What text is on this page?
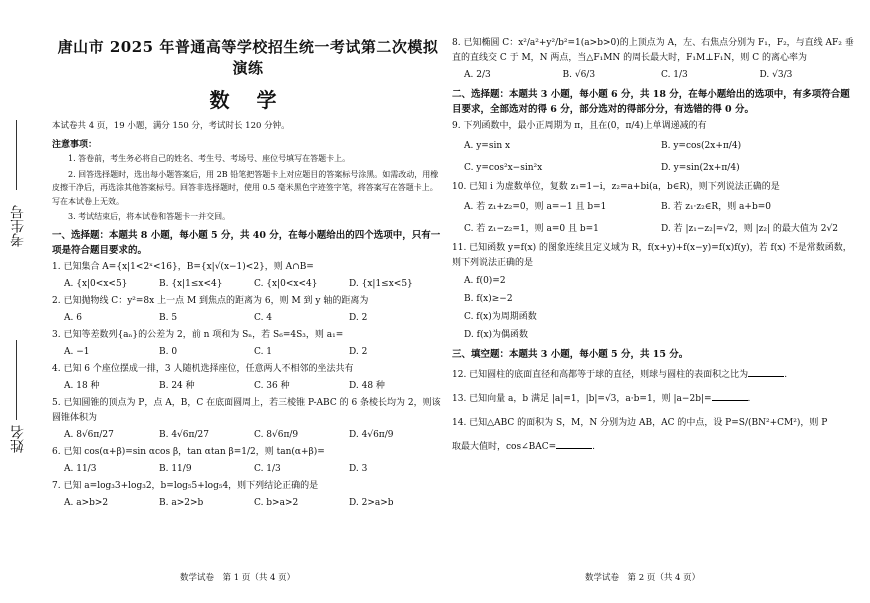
考生号
姓名
唐山市 2025 年普通高等学校招生统一考试第二次模拟演练
数 学
本试卷共 4 页，19 小题，满分 150 分，考试时长 120 分钟。
注意事项：
1. 答卷前，考生务必将自己的姓名、考生号、考场号、座位号填写在答题卡上。
2. 回答选择题时，选出每小题答案后，用 2B 铅笔把答题卡上对应题目的答案标号涂黑。如需改动，用橡皮擦干净后，再选涂其他答案标号。回答非选择题时，使用 0.5 毫米黑色字迹签字笔，将答案写在答题卡上。写在本试卷上无效。
3. 考试结束后，将本试卷和答题卡一并交回。
一、选择题：本题共 8 小题，每小题 5 分，共 40 分，在每小题给出的四个选项中，只有一项是符合题目要求的。
1. 已知集合 A={x|1<2ˣ<16}，B={x|√(x−1)<2}，则 A∩B=
A. {x|0<x<5}	B. {x|1≤x<4}	C. {x|0<x<4}	D. {x|1≤x<5}
2. 已知抛物线 C：y²=8x 上一点 M 到焦点的距离为 6，则 M 到 y 轴的距离为
A. 6	B. 5	C. 4	D. 2
3. 已知等差数列{aₙ}的公差为 2，前 n 项和为 Sₙ，若 S₆=4S₃，则 a₁=
A. −1	B. 0	C. 1	D. 2
4. 已知 6 个座位摆成一排，3 人随机选择座位，任意两人不相邻的坐法共有
A. 18 种	B. 24 种	C. 36 种	D. 48 种
5. 已知圆锥的顶点为 P，点 A，B，C 在底面圆周上，若三棱锥 P-ABC 的 6 条棱长均为 2，则该圆锥体积为
A. 8√6π/27	B. 4√6π/27	C. 8√6π/9	D. 4√6π/9
6. 已知 cos(α+β)=sin αcos β，tan αtan β=1/2，则 tan(α+β)=
A. 11/3	B. 11/9	C. 1/3	D. 3
7. 已知 a=log₃3+log₃2，b=log₅5+log₅4，则下列结论正确的是
A. a>b>2	B. a>2>b	C. b>a>2	D. 2>a>b
8. 已知椭圆 C：x²/a²+y²/b²=1(a>b>0)的上顶点为 A，左、右焦点分别为 F₁，F₂，与直线 AF₂ 垂直的直线交 C 于 M，N 两点，当△F₁MN 的周长最大时，F₁M⊥F₁N，则 C 的离心率为
A. 2/3	B. √6/3	C. 1/3	D. √3/3
二、选择题：本题共 3 小题，每小题 6 分，共 18 分，在每小题给出的选项中，有多项符合题目要求，全部选对的得 6 分，部分选对的得部分分，有选错的得 0 分。
9. 下列函数中，最小正周期为 π，且在(0，π/4)上单调递减的有
A. y=sin x	B. y=cos(2x+π/4)
C. y=cos²x−sin²x	D. y=sin(2x+π/4)
10. 已知 i 为虚数单位，复数 z₁=1−i，z₂=a+bi(a，b∈R)，则下列说法正确的是
A. 若 z₁+z₂=0，则 a=−1 且 b=1	B. 若 z₁·z₂∈R，则 a+b=0
C. 若 z₁−z₂=1，则 a=0 且 b=1	D. 若 |z₁−z₂|=√2，则 |z₂| 的最大值为 2√2
11. 已知函数 y=f(x) 的图象连续且定义域为 R，f(x+y)+f(x−y)=f(x)f(y)，若 f(x) 不是常数函数，则下列说法正确的是
A. f(0)=2
B. f(x)≥−2
C. f(x)为周期函数
D. f(x)为偶函数
三、填空题：本题共 3 小题，每小题 5 分，共 15 分。
12. 已知圆柱的底面直径和高都等于球的直径，则球与圆柱的表面积之比为	.
13. 已知向量 a，b 满足 |a|=1，|b|=√3，a·b=1，则 |a−2b|=	.
14. 已知△ABC 的面积为 S，M，N 分别为边 AB，AC 的中点，设 P=S/(BN²+CM²)，则 P
取最大值时，cos∠BAC=	.
数学试卷　第 1 页（共 4 页）	数学试卷　第 2 页（共 4 页）
